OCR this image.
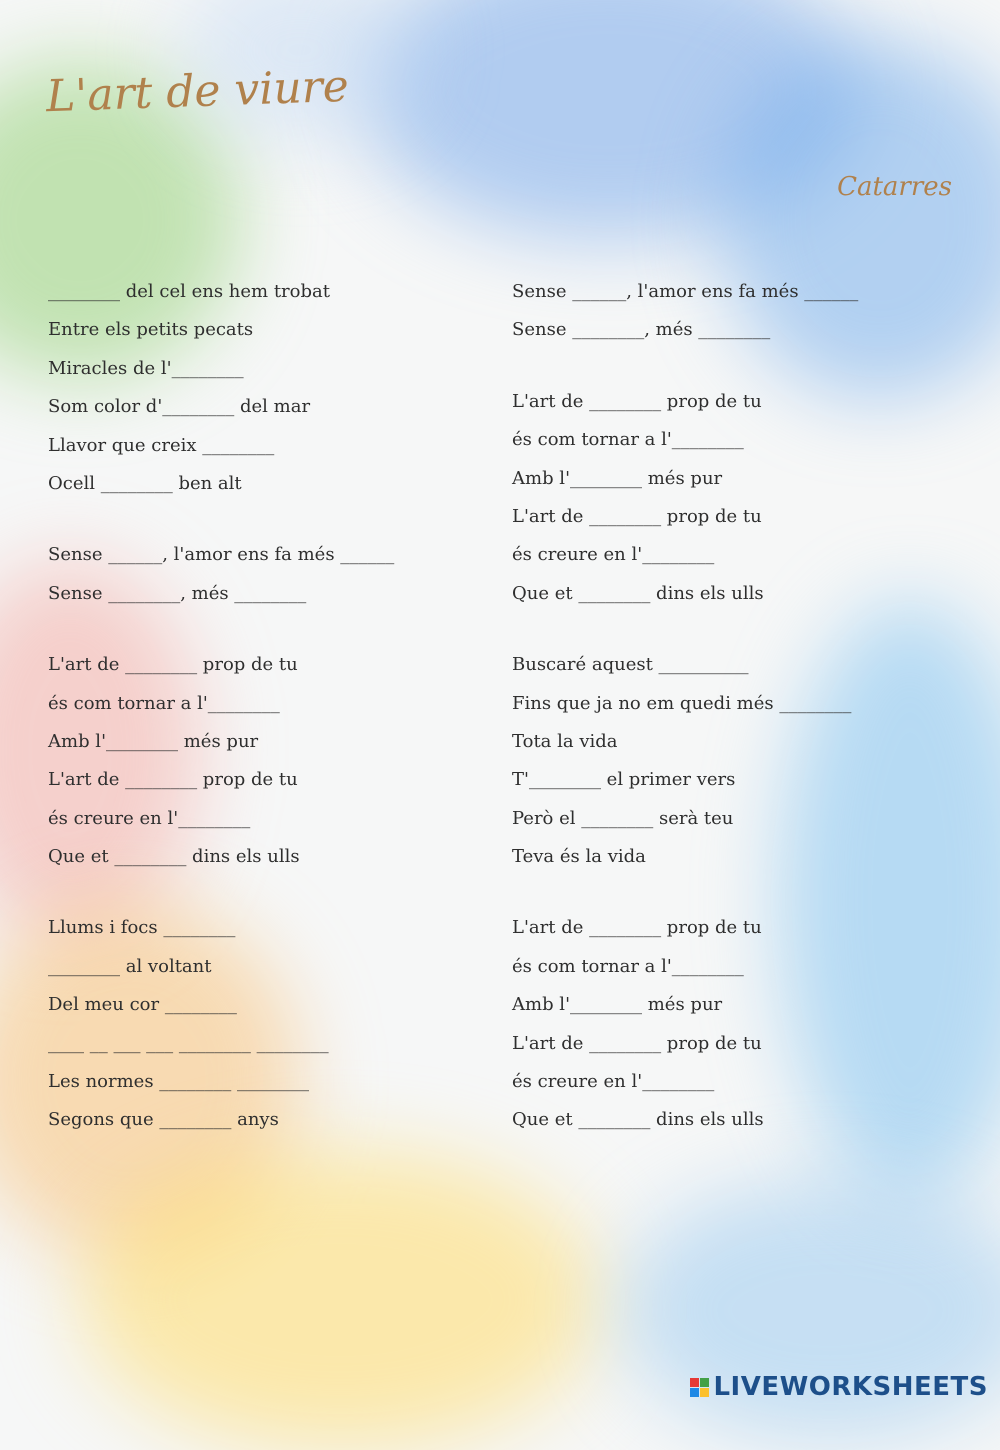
L'art de viure
Catarres
________ del cel ens hem trobat
Entre els petits pecats
Miracles de l'________
Som color d'________ del mar
Llavor que creix ________
Ocell ________ ben alt
Sense ______, l'amor ens fa més ______
Sense ________, més ________
L'art de ________ prop de tu
és com tornar a l'________
Amb l'________ més pur
L'art de ________ prop de tu
és creure en l'________
Que et ________ dins els ulls
Llums i focs ________
________ al voltant
Del meu cor ________
____ __ ___ ___ ________ ________
Les normes ________ ________
Segons que ________ anys
Sense ______, l'amor ens fa més ______
Sense ________, més ________
L'art de ________ prop de tu
és com tornar a l'________
Amb l'________ més pur
L'art de ________ prop de tu
és creure en l'________
Que et ________ dins els ulls
Buscaré aquest __________
Fins que ja no em quedi més ________
Tota la vida
T'________ el primer vers
Però el ________ serà teu
Teva és la vida
L'art de ________ prop de tu
és com tornar a l'________
Amb l'________ més pur
L'art de ________ prop de tu
és creure en l'________
Que et ________ dins els ulls
LIVEWORKSHEETS
